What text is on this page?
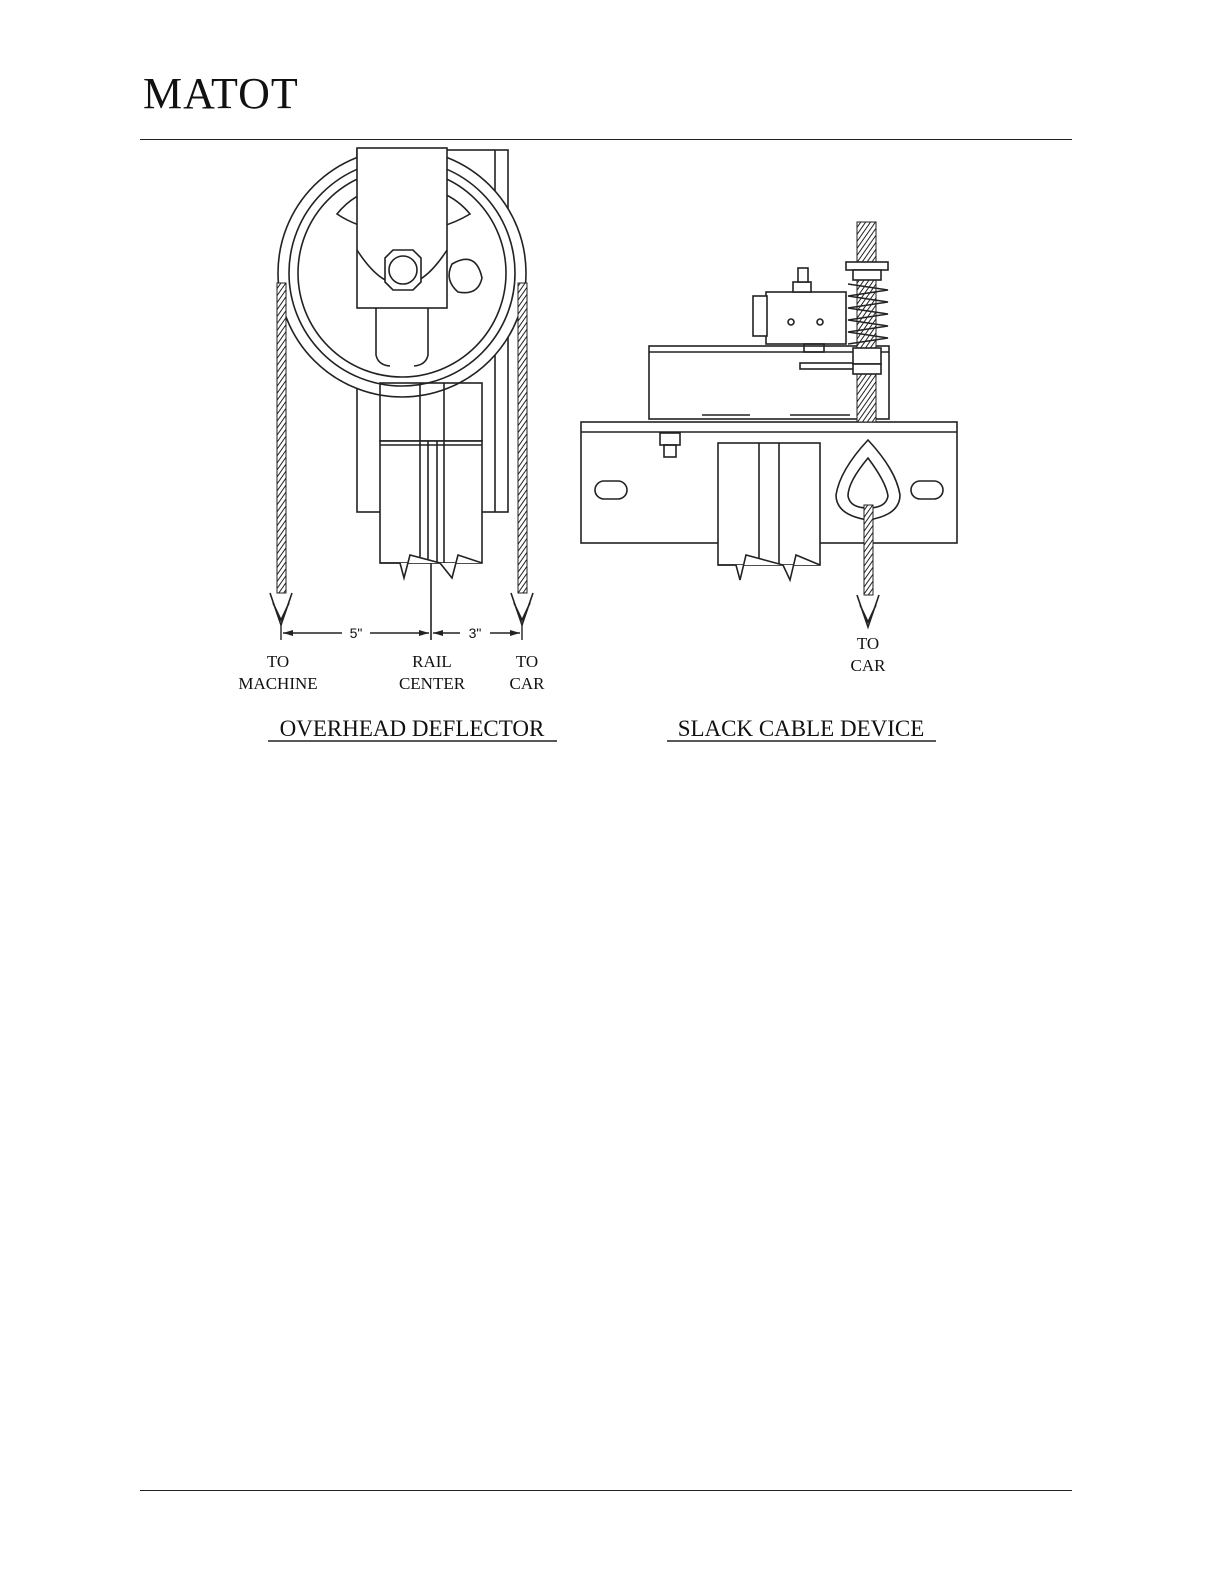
MATOT
5"	3"
TO
MACHINE
RAIL
CENTER
TO
CAR
OVERHEAD DEFLECTOR
TO
CAR
SLACK CABLE DEVICE
